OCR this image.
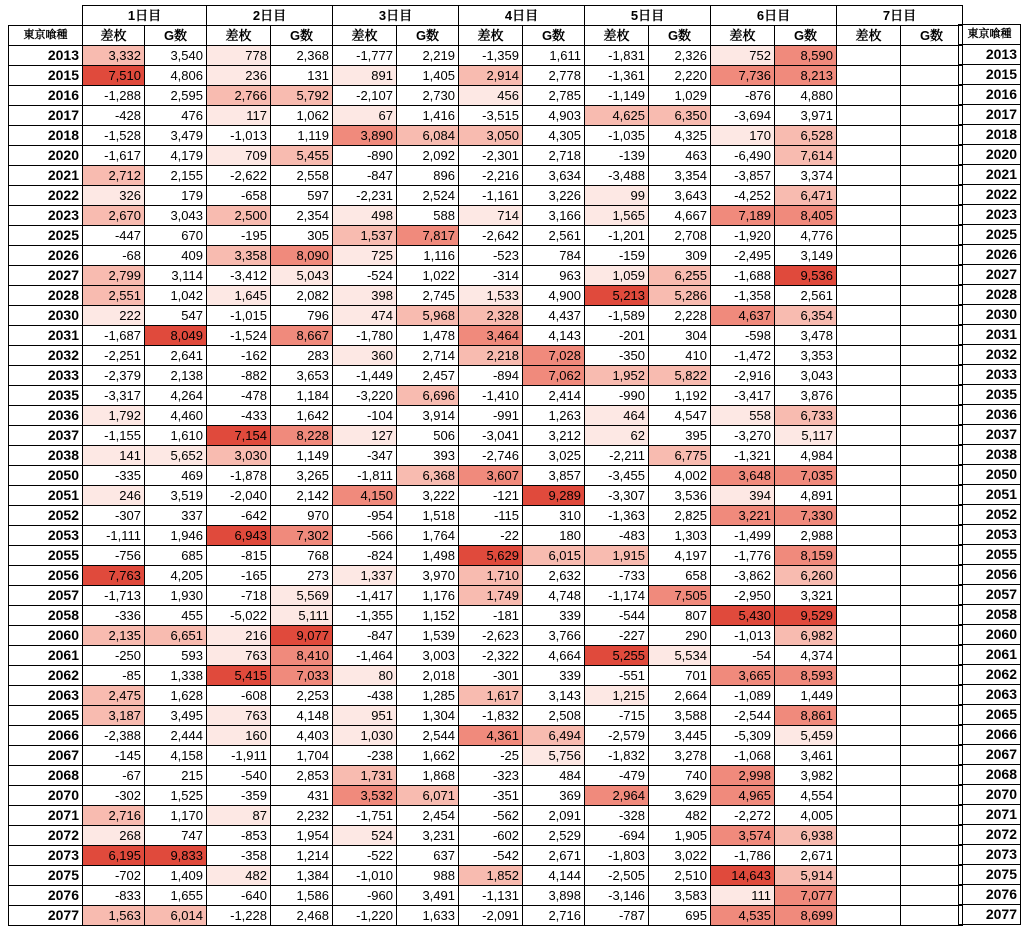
	1日目		2日目		3日目		4日目		5日目		6日目		7日目	
東京喰種	差枚	G数	差枚	G数	差枚	G数	差枚	G数	差枚	G数	差枚	G数	差枚	G数
2013	3,332	3,540	778	2,368	-1,777	2,219	-1,359	1,611	-1,831	2,326	752	8,590		
2015	7,510	4,806	236	131	891	1,405	2,914	2,778	-1,361	2,220	7,736	8,213		
2016	-1,288	2,595	2,766	5,792	-2,107	2,730	456	2,785	-1,149	1,029	-876	4,880		
2017	-428	476	117	1,062	67	1,416	-3,515	4,903	4,625	6,350	-3,694	3,971		
2018	-1,528	3,479	-1,013	1,119	3,890	6,084	3,050	4,305	-1,035	4,325	170	6,528		
2020	-1,617	4,179	709	5,455	-890	2,092	-2,301	2,718	-139	463	-6,490	7,614		
2021	2,712	2,155	-2,622	2,558	-847	896	-2,216	3,634	-3,488	3,354	-3,857	3,374		
2022	326	179	-658	597	-2,231	2,524	-1,161	3,226	99	3,643	-4,252	6,471		
2023	2,670	3,043	2,500	2,354	498	588	714	3,166	1,565	4,667	7,189	8,405		
2025	-447	670	-195	305	1,537	7,817	-2,642	2,561	-1,201	2,708	-1,920	4,776		
2026	-68	409	3,358	8,090	725	1,116	-523	784	-159	309	-2,495	3,149		
2027	2,799	3,114	-3,412	5,043	-524	1,022	-314	963	1,059	6,255	-1,688	9,536		
2028	2,551	1,042	1,645	2,082	398	2,745	1,533	4,900	5,213	5,286	-1,358	2,561		
2030	222	547	-1,015	796	474	5,968	2,328	4,437	-1,589	2,228	4,637	6,354		
2031	-1,687	8,049	-1,524	8,667	-1,780	1,478	3,464	4,143	-201	304	-598	3,478		
2032	-2,251	2,641	-162	283	360	2,714	2,218	7,028	-350	410	-1,472	3,353		
2033	-2,379	2,138	-882	3,653	-1,449	2,457	-894	7,062	1,952	5,822	-2,916	3,043		
2035	-3,317	4,264	-478	1,184	-3,220	6,696	-1,410	2,414	-990	1,192	-3,417	3,876		
2036	1,792	4,460	-433	1,642	-104	3,914	-991	1,263	464	4,547	558	6,733		
2037	-1,155	1,610	7,154	8,228	127	506	-3,041	3,212	62	395	-3,270	5,117		
2038	141	5,652	3,030	1,149	-347	393	-2,746	3,025	-2,211	6,775	-1,321	4,984		
2050	-335	469	-1,878	3,265	-1,811	6,368	3,607	3,857	-3,455	4,002	3,648	7,035		
2051	246	3,519	-2,040	2,142	4,150	3,222	-121	9,289	-3,307	3,536	394	4,891		
2052	-307	337	-642	970	-954	1,518	-115	310	-1,363	2,825	3,221	7,330		
2053	-1,111	1,946	6,943	7,302	-566	1,764	-22	180	-483	1,303	-1,499	2,988		
2055	-756	685	-815	768	-824	1,498	5,629	6,015	1,915	4,197	-1,776	8,159		
2056	7,763	4,205	-165	273	1,337	3,970	1,710	2,632	-733	658	-3,862	6,260		
2057	-1,713	1,930	-718	5,569	-1,417	1,176	1,749	4,748	-1,174	7,505	-2,950	3,321		
2058	-336	455	-5,022	5,111	-1,355	1,152	-181	339	-544	807	5,430	9,529		
2060	2,135	6,651	216	9,077	-847	1,539	-2,623	3,766	-227	290	-1,013	6,982		
2061	-250	593	763	8,410	-1,464	3,003	-2,322	4,664	5,255	5,534	-54	4,374		
2062	-85	1,338	5,415	7,033	80	2,018	-301	339	-551	701	3,665	8,593		
2063	2,475	1,628	-608	2,253	-438	1,285	1,617	3,143	1,215	2,664	-1,089	1,449		
2065	3,187	3,495	763	4,148	951	1,304	-1,832	2,508	-715	3,588	-2,544	8,861		
2066	-2,388	2,444	160	4,403	1,030	2,544	4,361	6,494	-2,579	3,445	-5,309	5,459		
2067	-145	4,158	-1,911	1,704	-238	1,662	-25	5,756	-1,832	3,278	-1,068	3,461		
2068	-67	215	-540	2,853	1,731	1,868	-323	484	-479	740	2,998	3,982		
2070	-302	1,525	-359	431	3,532	6,071	-351	369	2,964	3,629	4,965	4,554		
2071	2,716	1,170	87	2,232	-1,751	2,454	-562	2,091	-328	482	-2,272	4,005		
2072	268	747	-853	1,954	524	3,231	-602	2,529	-694	1,905	3,574	6,938		
2073	6,195	9,833	-358	1,214	-522	637	-542	2,671	-1,803	3,022	-1,786	2,671		
2075	-702	1,409	482	1,384	-1,010	988	1,852	4,144	-2,505	2,510	14,643	5,914		
2076	-833	1,655	-640	1,586	-960	3,491	-1,131	3,898	-3,146	3,583	111	7,077		
2077	1,563	6,014	-1,228	2,468	-1,220	1,633	-2,091	2,716	-787	695	4,535	8,699		

東京喰種
2013
2015
2016
2017
2018
2020
2021
2022
2023
2025
2026
2027
2028
2030
2031
2032
2033
2035
2036
2037
2038
2050
2051
2052
2053
2055
2056
2057
2058
2060
2061
2062
2063
2065
2066
2067
2068
2070
2071
2072
2073
2075
2076
2077
